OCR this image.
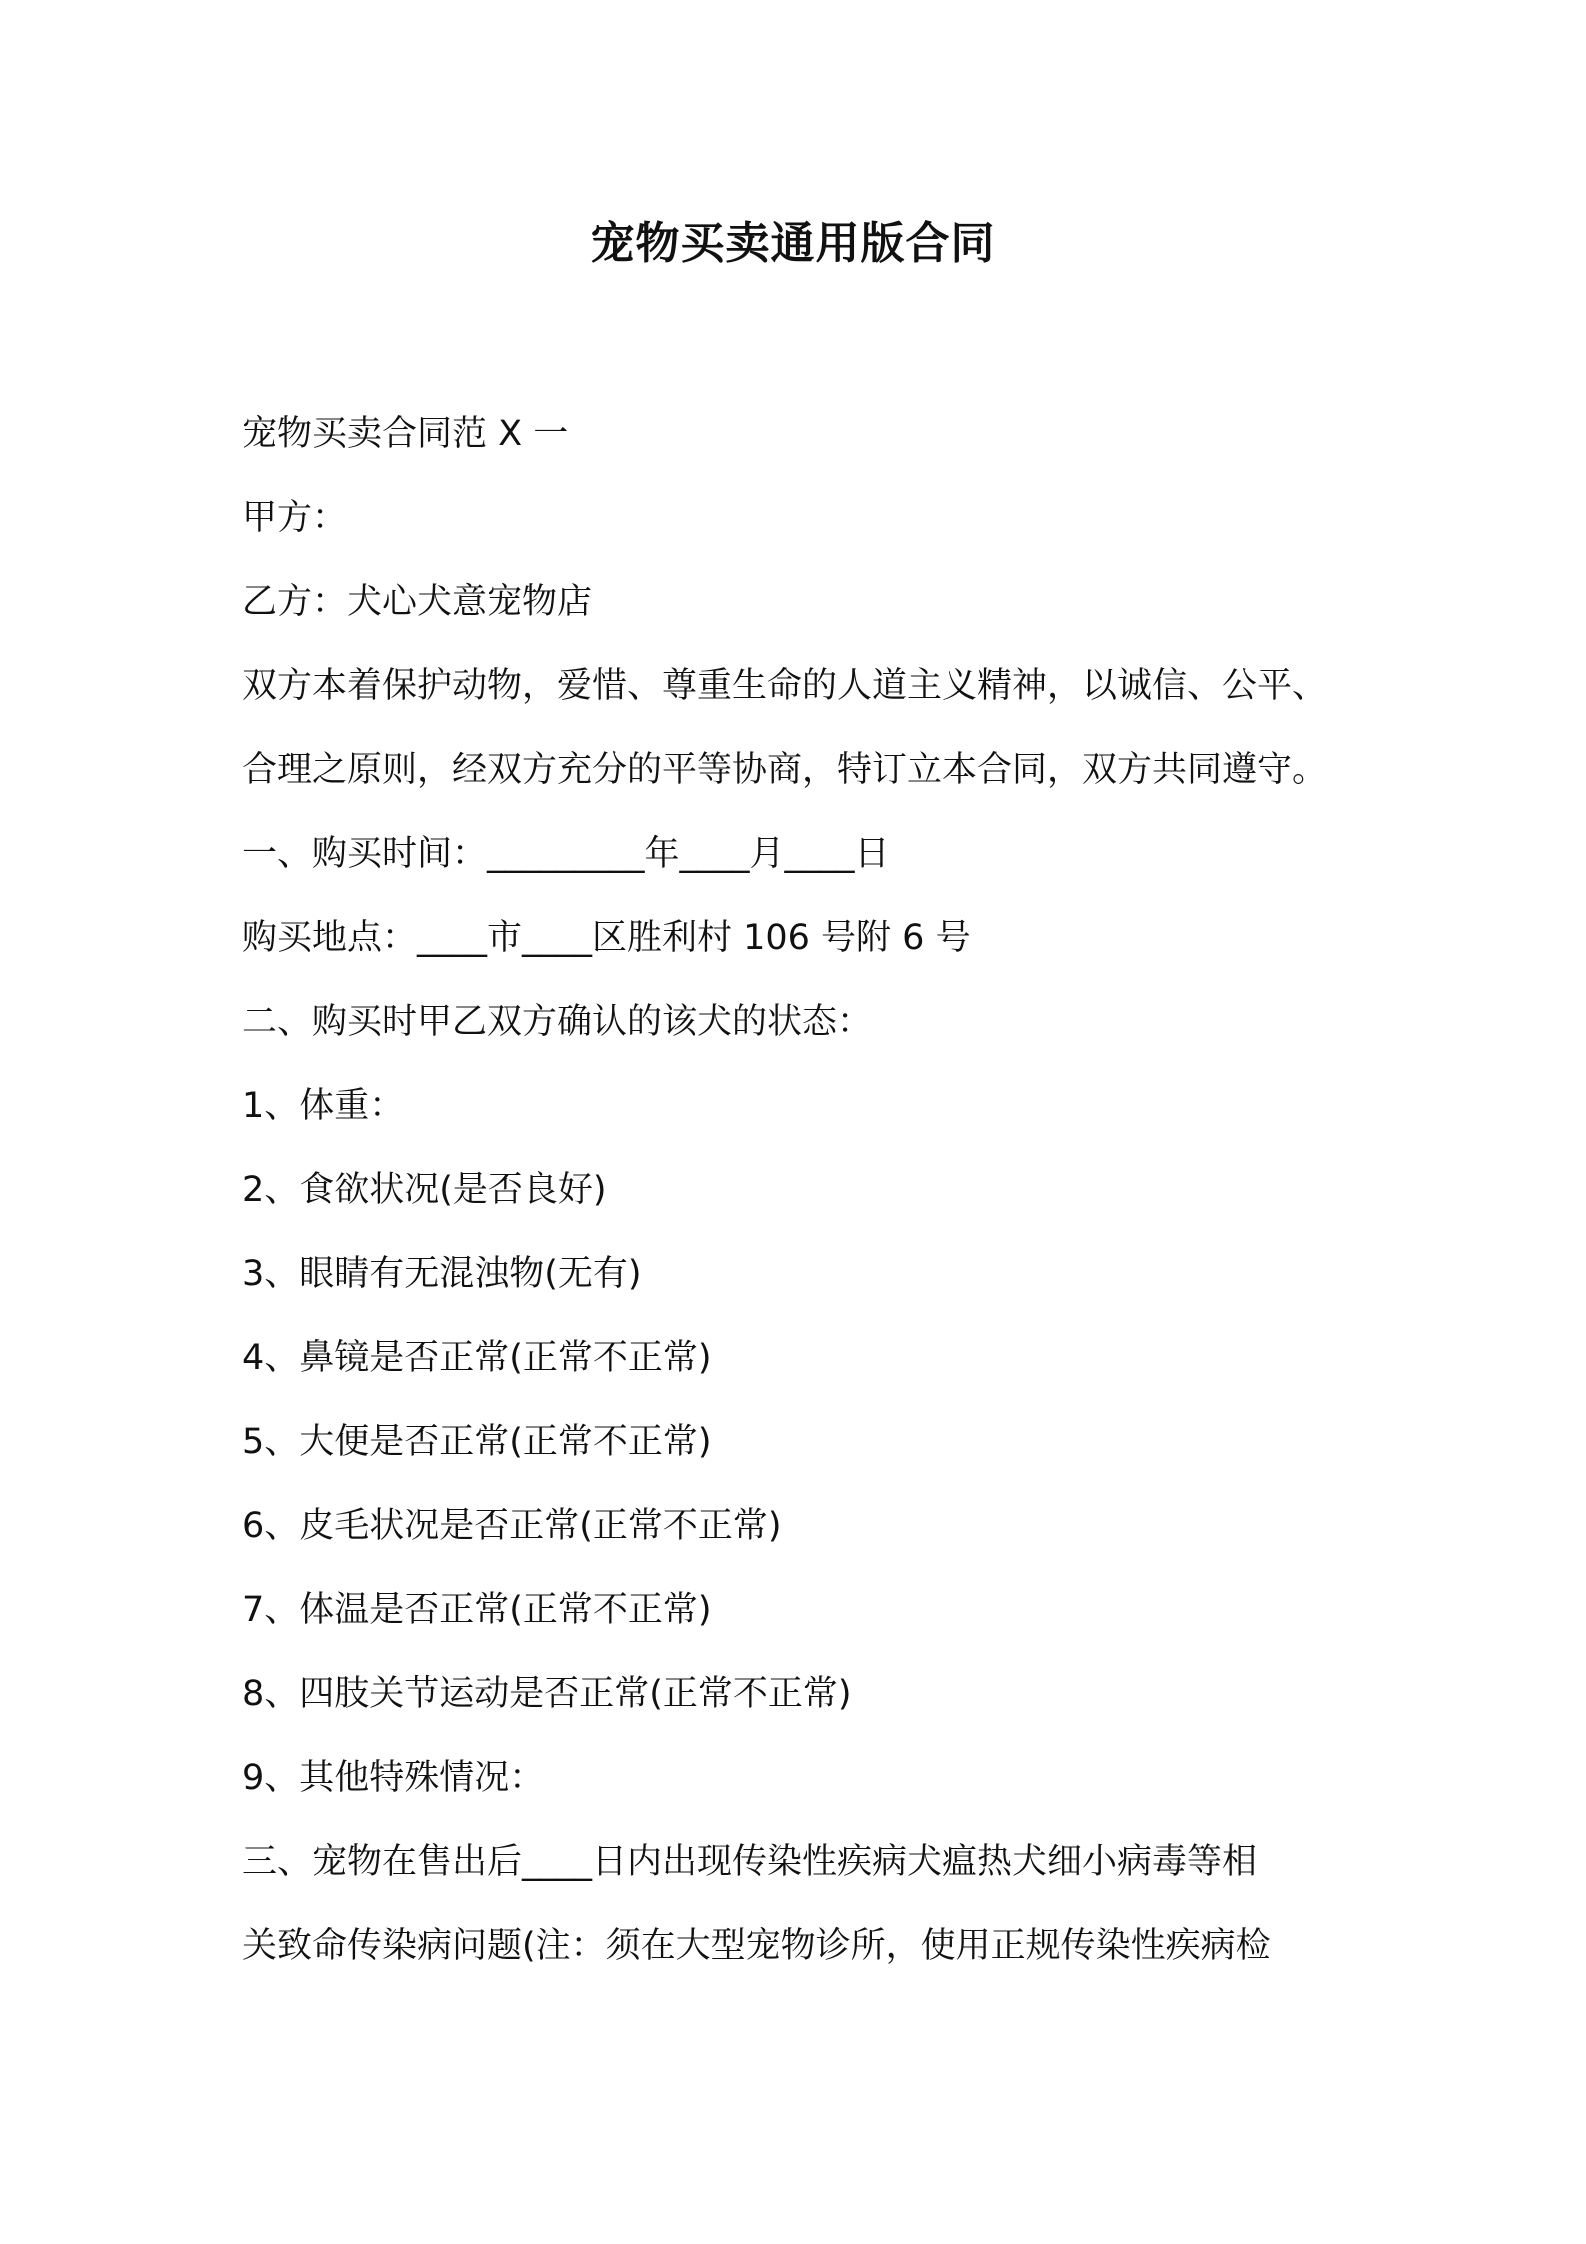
宠物买卖通用版合同
宠物买卖合同范 X 一
甲方：
乙方：犬心犬意宠物店
双方本着保护动物，爱惜、尊重生命的人道主义精神，以诚信、公平、
合理之原则，经双方充分的平等协商，特订立本合同，双方共同遵守。
一、购买时间：_________年____月____日
购买地点：____市____区胜利村 106 号附 6 号
二、购买时甲乙双方确认的该犬的状态：
1、体重：
2、食欲状况(是否良好)
3、眼睛有无混浊物(无有)
4、鼻镜是否正常(正常不正常)
5、大便是否正常(正常不正常)
6、皮毛状况是否正常(正常不正常)
7、体温是否正常(正常不正常)
8、四肢关节运动是否正常(正常不正常)
9、其他特殊情况：
三、宠物在售出后____日内出现传染性疾病犬瘟热犬细小病毒等相
关致命传染病问题(注：须在大型宠物诊所，使用正规传染性疾病检
